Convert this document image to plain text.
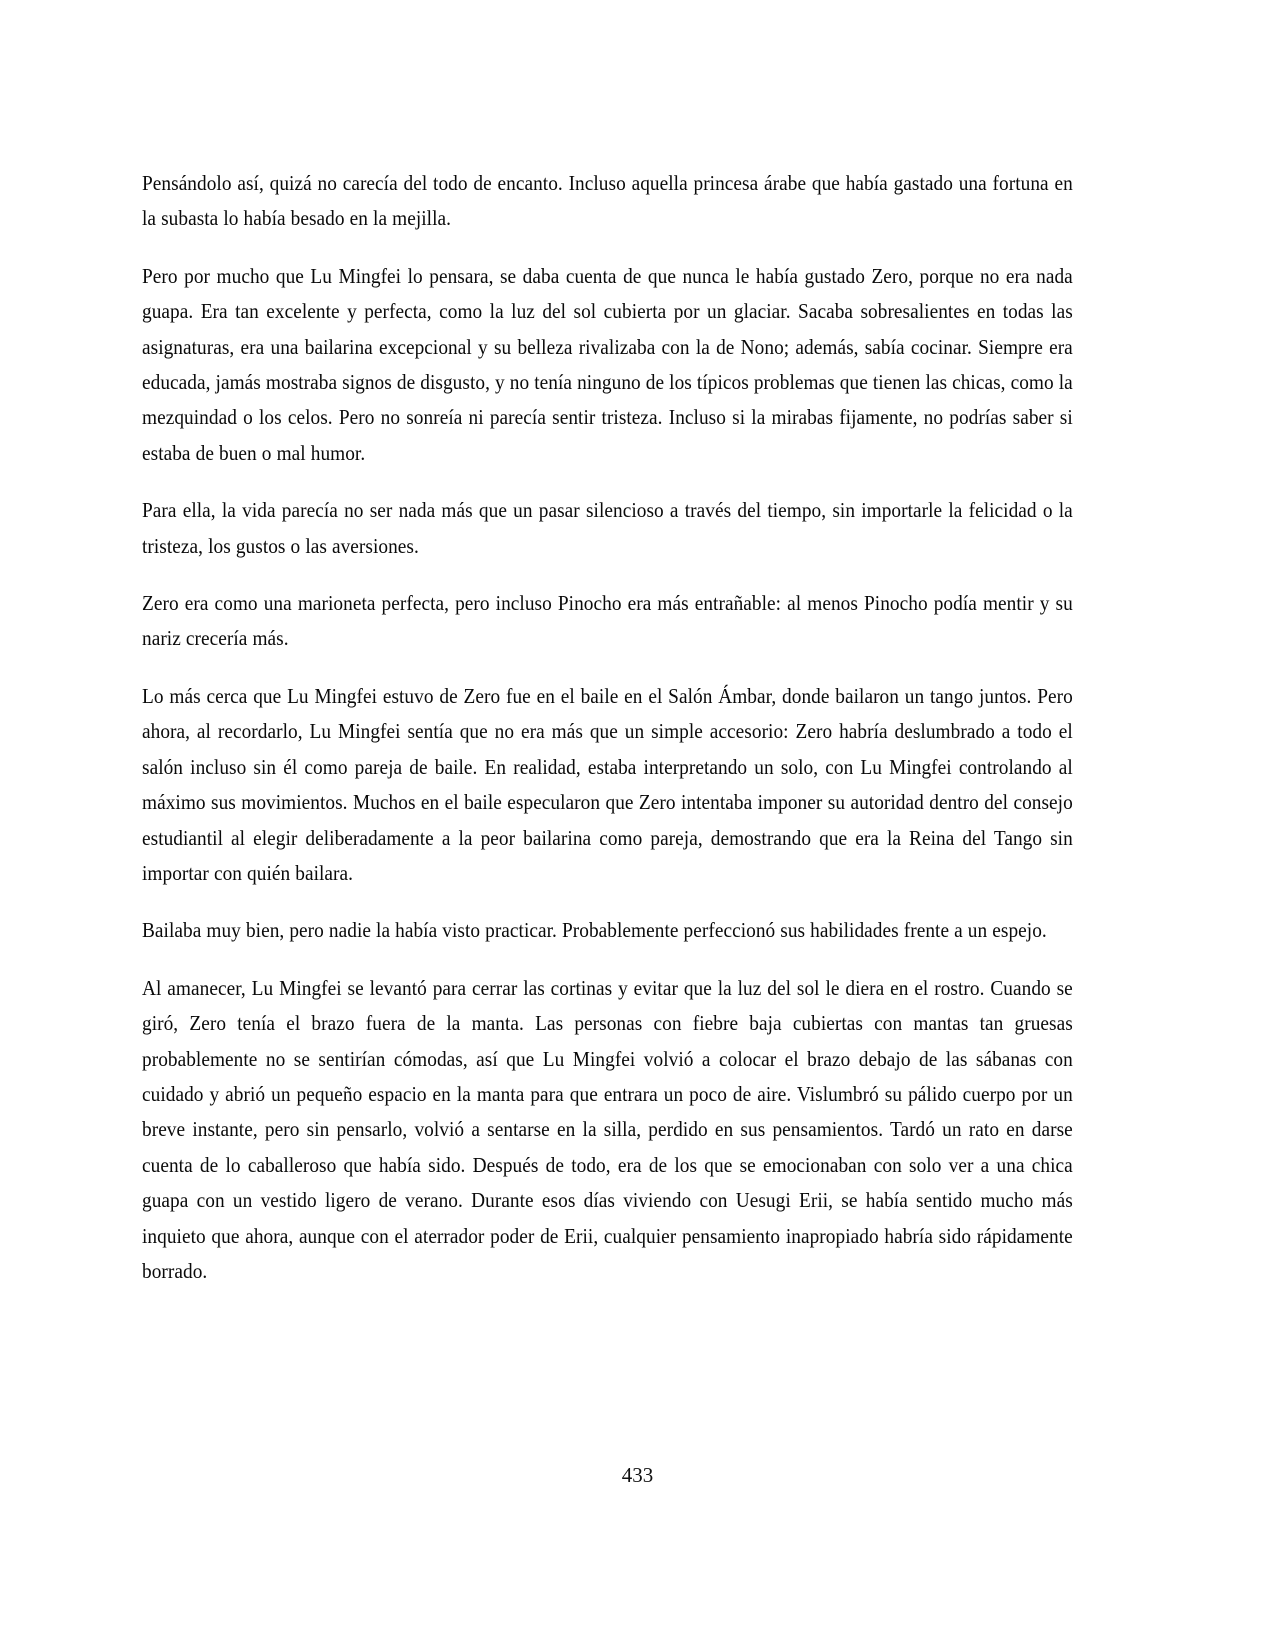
Pensándolo así, quizá no carecía del todo de encanto. Incluso aquella princesa árabe que había gastado una fortuna en la subasta lo había besado en la mejilla.

Pero por mucho que Lu Mingfei lo pensara, se daba cuenta de que nunca le había gustado Zero, porque no era nada guapa. Era tan excelente y perfecta, como la luz del sol cubierta por un glaciar. Sacaba sobresalientes en todas las asignaturas, era una bailarina excepcional y su belleza rivalizaba con la de Nono; además, sabía cocinar. Siempre era educada, jamás mostraba signos de disgusto, y no tenía ninguno de los típicos problemas que tienen las chicas, como la mezquindad o los celos. Pero no sonreía ni parecía sentir tristeza. Incluso si la mirabas fijamente, no podrías saber si estaba de buen o mal humor.

Para ella, la vida parecía no ser nada más que un pasar silencioso a través del tiempo, sin importarle la felicidad o la tristeza, los gustos o las aversiones.

Zero era como una marioneta perfecta, pero incluso Pinocho era más entrañable: al menos Pinocho podía mentir y su nariz crecería más.

Lo más cerca que Lu Mingfei estuvo de Zero fue en el baile en el Salón Ámbar, donde bailaron un tango juntos. Pero ahora, al recordarlo, Lu Mingfei sentía que no era más que un simple accesorio: Zero habría deslumbrado a todo el salón incluso sin él como pareja de baile. En realidad, estaba interpretando un solo, con Lu Mingfei controlando al máximo sus movimientos. Muchos en el baile especularon que Zero intentaba imponer su autoridad dentro del consejo estudiantil al elegir deliberadamente a la peor bailarina como pareja, demostrando que era la Reina del Tango sin importar con quién bailara.

Bailaba muy bien, pero nadie la había visto practicar. Probablemente perfeccionó sus habilidades frente a un espejo.

Al amanecer, Lu Mingfei se levantó para cerrar las cortinas y evitar que la luz del sol le diera en el rostro. Cuando se giró, Zero tenía el brazo fuera de la manta. Las personas con fiebre baja cubiertas con mantas tan gruesas probablemente no se sentirían cómodas, así que Lu Mingfei volvió a colocar el brazo debajo de las sábanas con cuidado y abrió un pequeño espacio en la manta para que entrara un poco de aire. Vislumbró su pálido cuerpo por un breve instante, pero sin pensarlo, volvió a sentarse en la silla, perdido en sus pensamientos. Tardó un rato en darse cuenta de lo caballeroso que había sido. Después de todo, era de los que se emocionaban con solo ver a una chica guapa con un vestido ligero de verano. Durante esos días viviendo con Uesugi Erii, se había sentido mucho más inquieto que ahora, aunque con el aterrador poder de Erii, cualquier pensamiento inapropiado habría sido rápidamente borrado.

433
